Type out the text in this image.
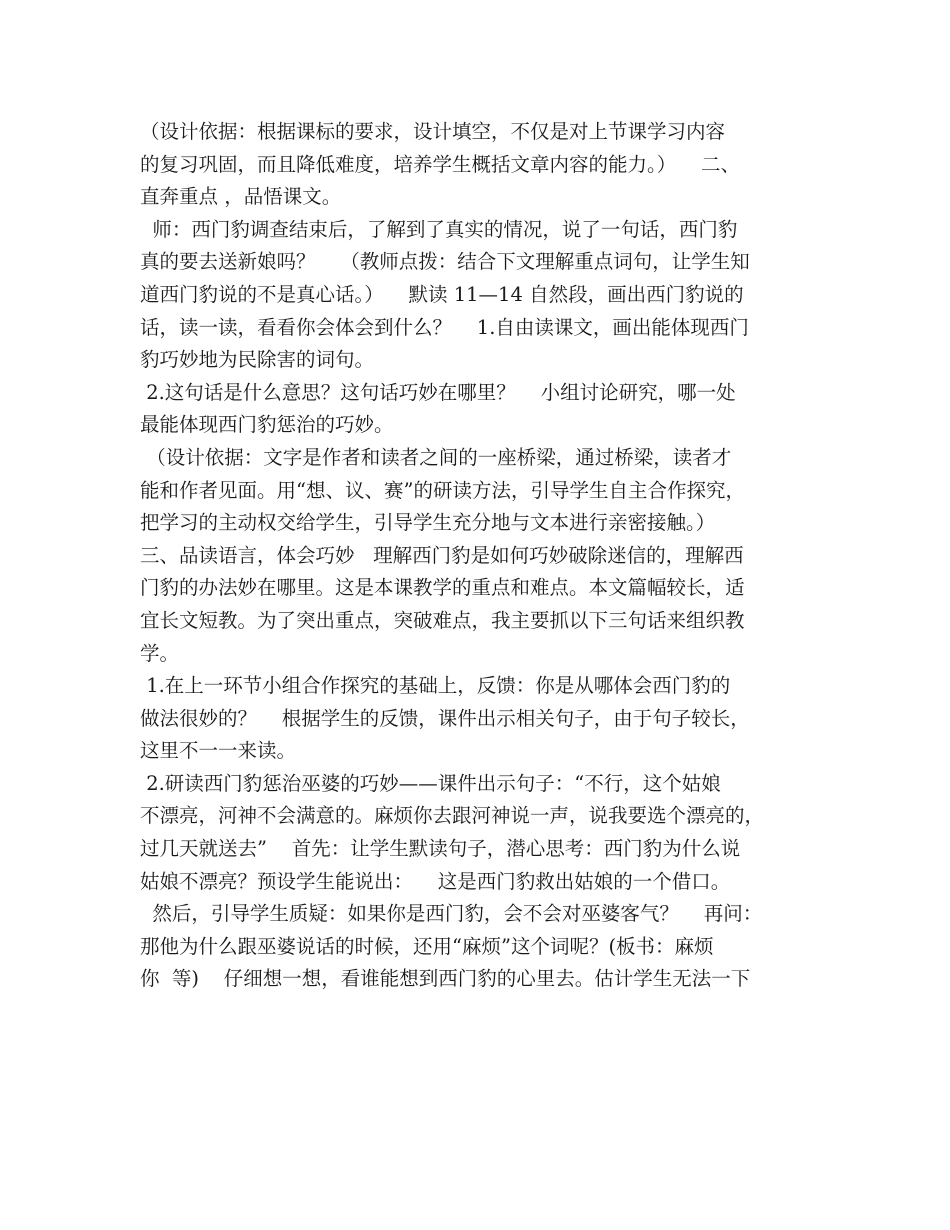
（设计依据：根据课标的要求，设计填空，不仅是对上节课学习内容
的复习巩固，而且降低难度，培养学生概括文章内容的能力。）    二、
直奔重点 ，品悟课文。
师：西门豹调查结束后，了解到了真实的情况，说了一句话，西门豹
真的要去送新娘吗？    （教师点拨：结合下文理解重点词句，让学生知
道西门豹说的不是真心话。）    默读 11—14 自然段，画出西门豹说的
话，读一读，看看你会体会到什么？    1.自由读课文，画出能体现西门
豹巧妙地为民除害的词句。
2.这句话是什么意思？这句话巧妙在哪里？    小组讨论研究，哪一处
最能体现西门豹惩治的巧妙。
（设计依据：文字是作者和读者之间的一座桥梁，通过桥梁，读者才
能和作者见面。用“想、议、赛”的研读方法，引导学生自主合作探究，
把学习的主动权交给学生，引导学生充分地与文本进行亲密接触。）
三、品读语言，体会巧妙   理解西门豹是如何巧妙破除迷信的，理解西
门豹的办法妙在哪里。这是本课教学的重点和难点。本文篇幅较长，适
宜长文短教。为了突出重点，突破难点，我主要抓以下三句话来组织教
学。
1.在上一环节小组合作探究的基础上，反馈：你是从哪体会西门豹的
做法很妙的？    根据学生的反馈，课件出示相关句子，由于句子较长，
这里不一一来读。
2.研读西门豹惩治巫婆的巧妙——课件出示句子：“不行，这个姑娘
不漂亮，河神不会满意的。麻烦你去跟河神说一声，说我要选个漂亮的，
过几天就送去”    首先：让学生默读句子，潜心思考：西门豹为什么说
姑娘不漂亮？预设学生能说出：    这是西门豹救出姑娘的一个借口。
然后，引导学生质疑：如果你是西门豹，会不会对巫婆客气？    再问：
那他为什么跟巫婆说话的时候，还用“麻烦”这个词呢？(板书：麻烦
你  等)    仔细想一想，看谁能想到西门豹的心里去。估计学生无法一下
